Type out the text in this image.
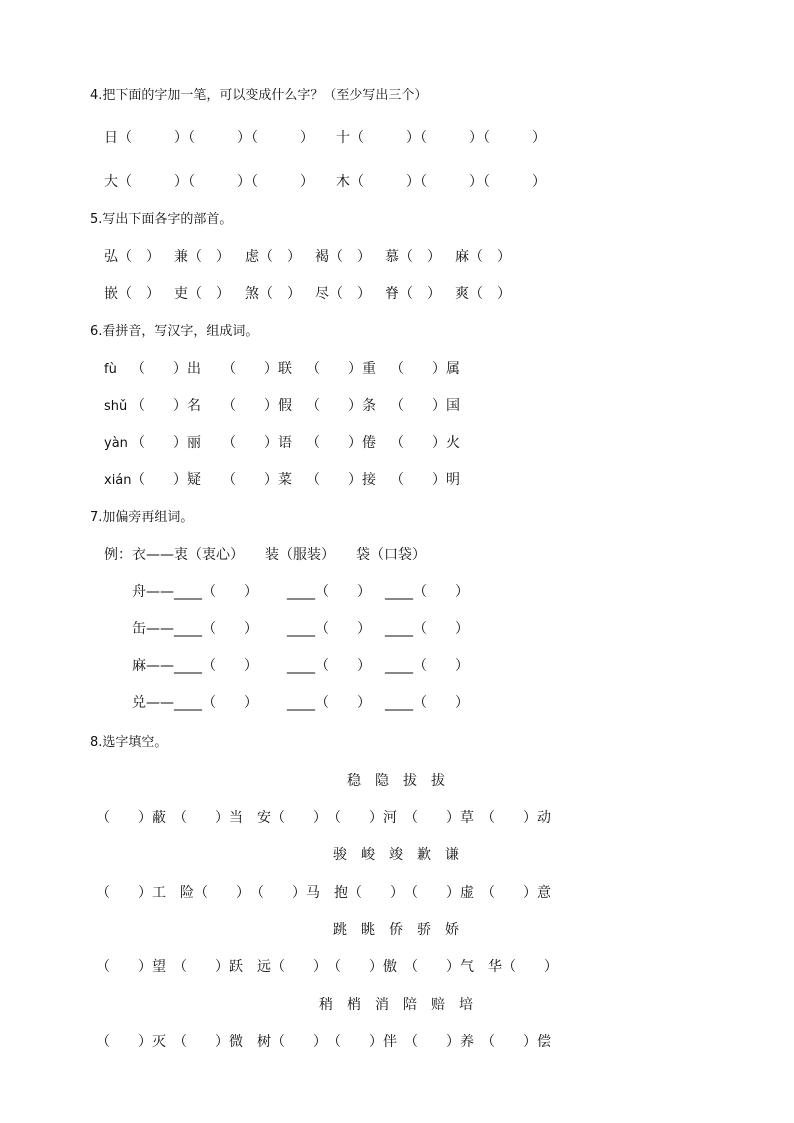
4.把下面的字加一笔，可以变成什么字？（至少写出三个）
日（　　　）（　　　）（　　　） 十（　　　）（　　　）（　　　）
大（　　　）（　　　）（　　　） 木（　　　）（　　　）（　　　）
5.写出下面各字的部首。
弘（　） 兼（　） 虑（　） 褐（　） 慕（　） 麻（　）
嵌（　） 吏（　） 煞（　） 尽（　） 脊（　） 爽（　）
6.看拼音，写汉字，组成词。
fù （　　）出 （　　）联 （　　）重 （　　）属
shǔ （　　）名 （　　）假 （　　）条 （　　）国
yàn （　　）丽 （　　）语 （　　）倦 （　　）火
xián （　　）疑 （　　）菜 （　　）接 （　　）明
7.加偏旁再组词。
例：衣——衷（衷心）　　装（服装）　　袋（口袋）
舟——____（　　） ____（　　） ____（　　）
缶——____（　　） ____（　　） ____（　　）
麻——____（　　） ____（　　） ____（　　）
兑——____（　　） ____（　　） ____（　　）
8.选字填空。
稳　隐　拔　拔
（　　）蔽　（　　）当　安（　　）　（　　）河　（　　）草　（　　）动
骏　峻　竣　歉　谦
（　　）工　险（　　）　（　　）马　抱（　　）　（　　）虚　（　　）意
跳　眺　侨　骄　娇
（　　）望　（　　）跃　远（　　）　（　　）傲　（　　）气　华（　　）
稍　梢　消　陪　赔　培
（　　）灭　（　　）微　树（　　）　（　　）伴　（　　）养　（　　）偿
